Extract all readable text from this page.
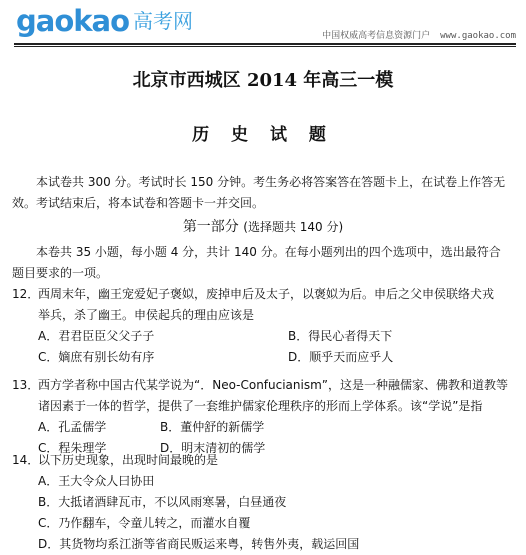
gaokao 高考网
中国权威高考信息资源门户 www.gaokao.com
北京市西城区 2014 年高三一模
历 史 试 题
本试卷共 300 分。考试时长 150 分钟。考生务必将答案答在答题卡上，在试卷上作答无
效。考试结束后，将本试卷和答题卡一并交回。
第一部分 (选择题共 140 分)
本卷共 35 小题，每小题 4 分，共计 140 分。在每小题列出的四个选项中，选出最符合
题目要求的一项。
12．西周末年，幽王宠爱妃子褒姒，废掉申后及太子，以褒姒为后。申后之父申侯联络犬戎
举兵，杀了幽王。申侯起兵的理由应该是
A．君君臣臣父父子子	B．得民心者得天下
C．嫡庶有别长幼有序	D．顺乎天而应乎人
13．西方学者称中国古代某学说为“．Neo-Confucianism”，这是一种融儒家、佛教和道教等
诸因素于一体的哲学，提供了一套维护儒家伦理秩序的形而上学体系。该“学说”是指
A．孔孟儒学	B．董仲舒的新儒学
C．程朱理学	D．明末清初的儒学
14．以下历史现象，出现时间最晚的是
A．王大令众人曰协田
B．大抵诸酒肆瓦市，不以风雨寒暑，白昼通夜
C．乃作翻车，令童儿转之，而灌水自覆
D．其货物均系江浙等省商民贩运来粤，转售外夷，载运回国
